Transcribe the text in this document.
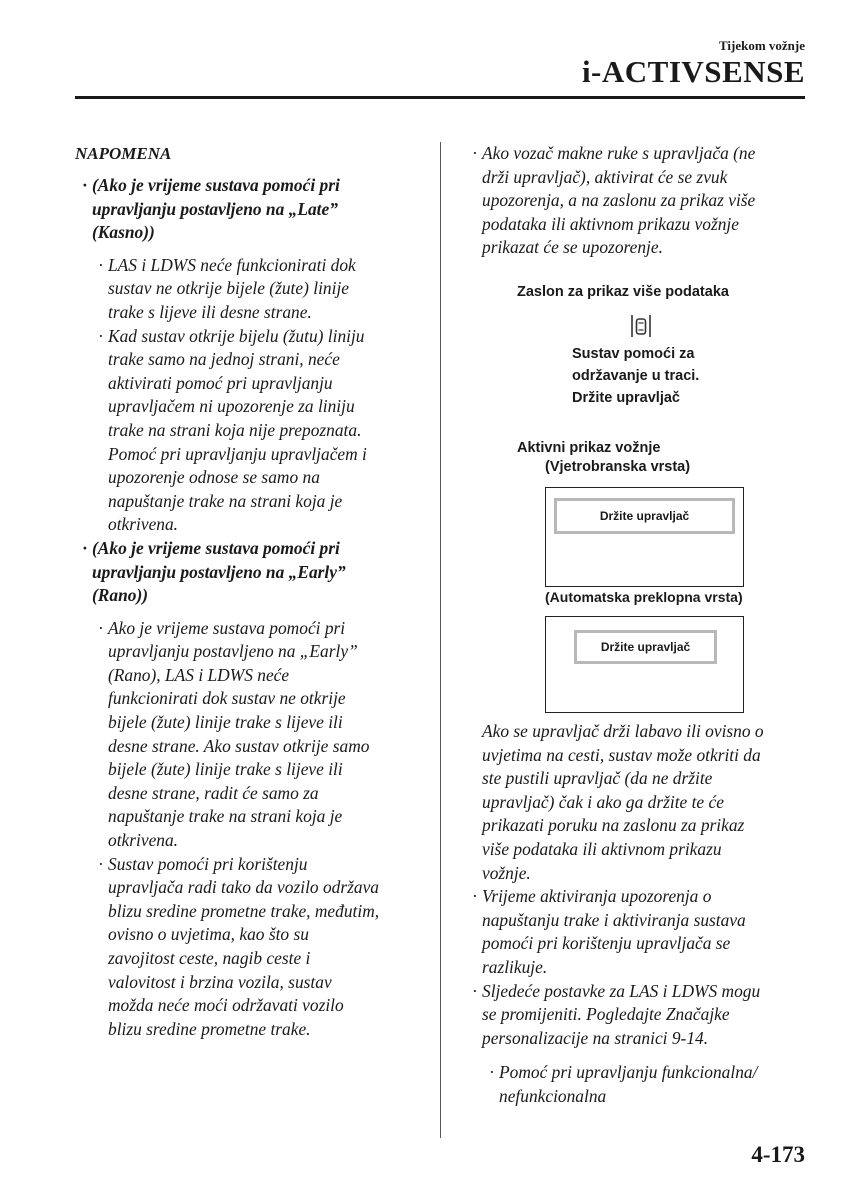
Tijekom vožnje
i-ACTIVSENSE
NAPOMENA
· (Ako je vrijeme sustava pomoći pri
upravljanju postavljeno na „Late”
(Kasno))
· LAS i LDWS neće funkcionirati dok
sustav ne otkrije bijele (žute) linije
trake s lijeve ili desne strane.
· Kad sustav otkrije bijelu (žutu) liniju
trake samo na jednoj strani, neće
aktivirati pomoć pri upravljanju
upravljačem ni upozorenje za liniju
trake na strani koja nije prepoznata.
Pomoć pri upravljanju upravljačem i
upozorenje odnose se samo na
napuštanje trake na strani koja je
otkrivena.
· (Ako je vrijeme sustava pomoći pri
upravljanju postavljeno na „Early”
(Rano))
· Ako je vrijeme sustava pomoći pri
upravljanju postavljeno na „Early”
(Rano), LAS i LDWS neće
funkcionirati dok sustav ne otkrije
bijele (žute) linije trake s lijeve ili
desne strane. Ako sustav otkrije samo
bijele (žute) linije trake s lijeve ili
desne strane, radit će samo za
napuštanje trake na strani koja je
otkrivena.
· Sustav pomoći pri korištenju
upravljača radi tako da vozilo održava
blizu sredine prometne trake, međutim,
ovisno o uvjetima, kao što su
zavojitost ceste, nagib ceste i
valovitost i brzina vozila, sustav
možda neće moći održavati vozilo
blizu sredine prometne trake.
· Ako vozač makne ruke s upravljača (ne
drži upravljač), aktivirat će se zvuk
upozorenja, a na zaslonu za prikaz više
podataka ili aktivnom prikazu vožnje
prikazat će se upozorenje.
Zaslon za prikaz više podataka
Sustav pomoći za
održavanje u traci.
Držite upravljač
Aktivni prikaz vožnje
(Vjetrobranska vrsta)
Držite upravljač
(Automatska preklopna vrsta)
Držite upravljač
Ako se upravljač drži labavo ili ovisno o
uvjetima na cesti, sustav može otkriti da
ste pustili upravljač (da ne držite
upravljač) čak i ako ga držite te će
prikazati poruku na zaslonu za prikaz
više podataka ili aktivnom prikazu
vožnje.
· Vrijeme aktiviranja upozorenja o
napuštanju trake i aktiviranja sustava
pomoći pri korištenju upravljača se
razlikuje.
· Sljedeće postavke za LAS i LDWS mogu
se promijeniti. Pogledajte Značajke
personalizacije na stranici 9-14.
· Pomoć pri upravljanju funkcionalna/
nefunkcionalna
4-173
